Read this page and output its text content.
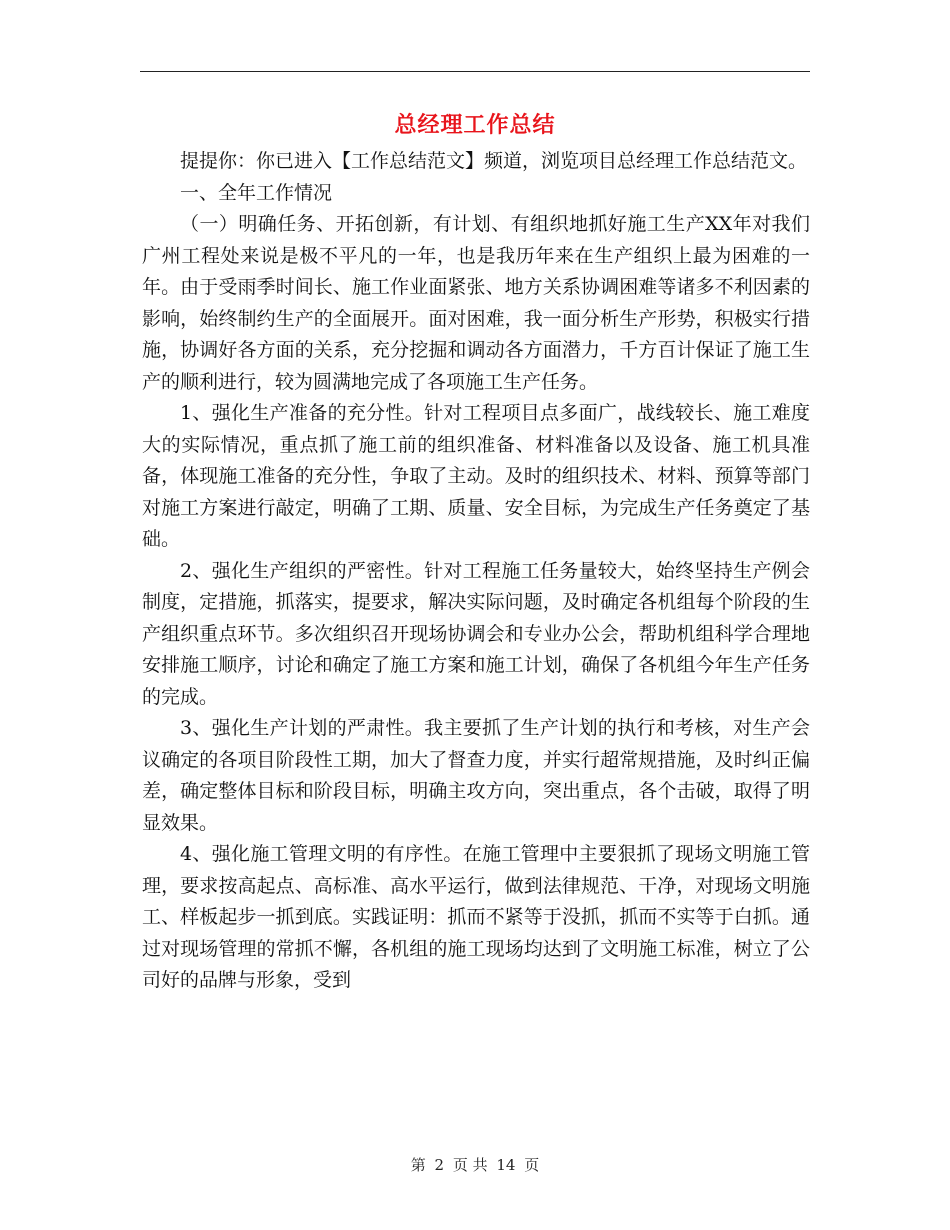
总经理工作总结

提提你：你已进入【工作总结范文】频道，浏览项目总经理工作总结范文。

一、全年工作情况

（一）明确任务、开拓创新，有计划、有组织地抓好施工生产XX年对我们广州工程处来说是极不平凡的一年，也是我历年来在生产组织上最为困难的一年。由于受雨季时间长、施工作业面紧张、地方关系协调困难等诸多不利因素的影响，始终制约生产的全面展开。面对困难，我一面分析生产形势，积极实行措施，协调好各方面的关系，充分挖掘和调动各方面潜力，千方百计保证了施工生产的顺利进行，较为圆满地完成了各项施工生产任务。

1、强化生产准备的充分性。针对工程项目点多面广，战线较长、施工难度大的实际情况，重点抓了施工前的组织准备、材料准备以及设备、施工机具准备，体现施工准备的充分性，争取了主动。及时的组织技术、材料、预算等部门对施工方案进行敲定，明确了工期、质量、安全目标，为完成生产任务奠定了基础。

2、强化生产组织的严密性。针对工程施工任务量较大，始终坚持生产例会制度，定措施，抓落实，提要求，解决实际问题，及时确定各机组每个阶段的生产组织重点环节。多次组织召开现场协调会和专业办公会，帮助机组科学合理地安排施工顺序，讨论和确定了施工方案和施工计划，确保了各机组今年生产任务的完成。

3、强化生产计划的严肃性。我主要抓了生产计划的执行和考核，对生产会议确定的各项目阶段性工期，加大了督查力度，并实行超常规措施，及时纠正偏差，确定整体目标和阶段目标，明确主攻方向，突出重点，各个击破，取得了明显效果。

4、强化施工管理文明的有序性。在施工管理中主要狠抓了现场文明施工管理，要求按高起点、高标准、高水平运行，做到法律规范、干净，对现场文明施工、样板起步一抓到底。实践证明：抓而不紧等于没抓，抓而不实等于白抓。通过对现场管理的常抓不懈，各机组的施工现场均达到了文明施工标准，树立了公司好的品牌与形象，受到

第 2 页 共 14 页
